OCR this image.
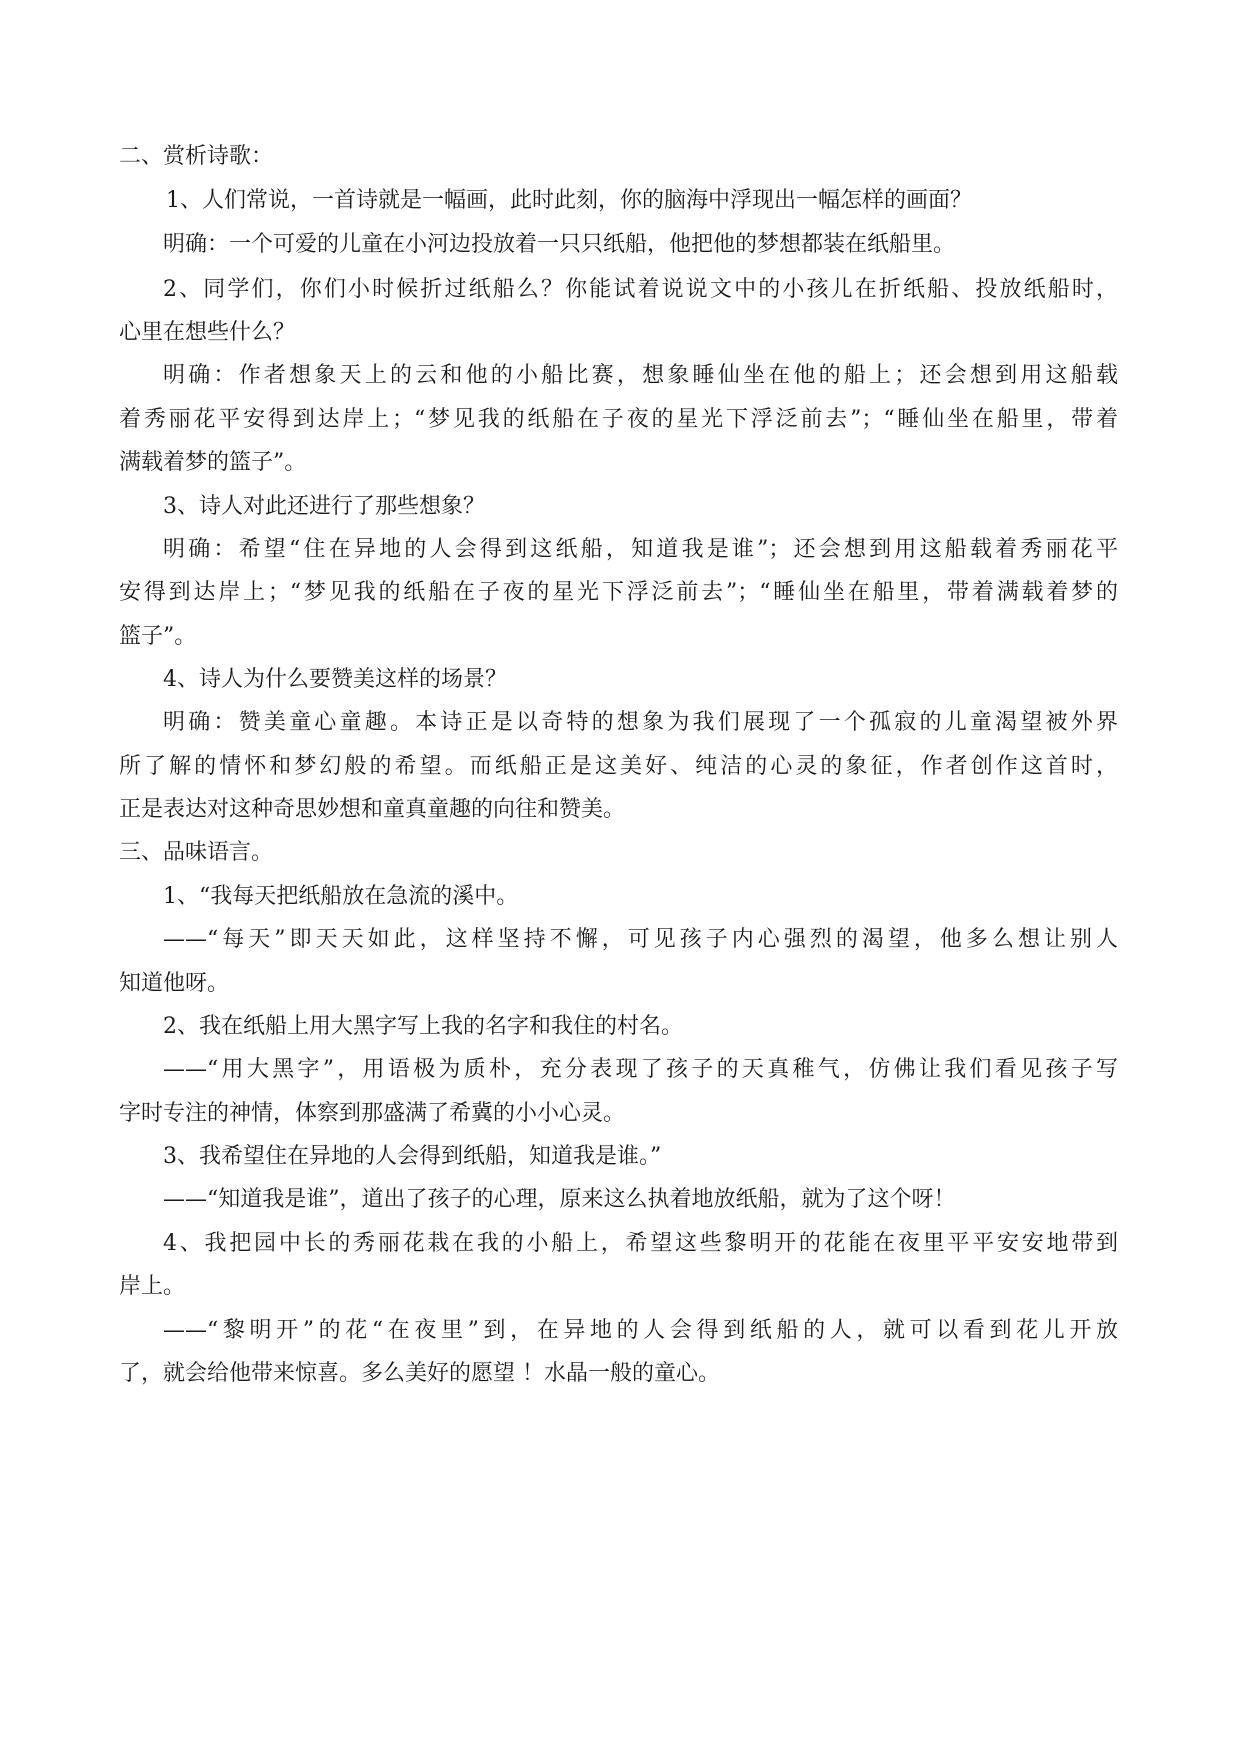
二、赏析诗歌：
1、人们常说，一首诗就是一幅画，此时此刻，你的脑海中浮现出一幅怎样的画面？
明确：一个可爱的儿童在小河边投放着一只只纸船，他把他的梦想都装在纸船里。
2、同学们，你们小时候折过纸船么？你能试着说说文中的小孩儿在折纸船、投放纸船时，
心里在想些什么？
明确：作者想象天上的云和他的小船比赛，想象睡仙坐在他的船上；还会想到用这船载
着秀丽花平安得到达岸上；“梦见我的纸船在子夜的星光下浮泛前去”；“睡仙坐在船里，带着
满载着梦的篮子”。
3、诗人对此还进行了那些想象？
明确：希望“住在异地的人会得到这纸船，知道我是谁”；还会想到用这船载着秀丽花平
安得到达岸上；“梦见我的纸船在子夜的星光下浮泛前去”；“睡仙坐在船里，带着满载着梦的
篮子”。
4、诗人为什么要赞美这样的场景？
明确：赞美童心童趣。本诗正是以奇特的想象为我们展现了一个孤寂的儿童渴望被外界
所了解的情怀和梦幻般的希望。而纸船正是这美好、纯洁的心灵的象征，作者创作这首时，
正是表达对这种奇思妙想和童真童趣的向往和赞美。
三、品味语言。
1、“我每天把纸船放在急流的溪中。
——“每天”即天天如此，这样坚持不懈，可见孩子内心强烈的渴望，他多么想让别人
知道他呀。
2、我在纸船上用大黑字写上我的名字和我住的村名。
——“用大黑字”，用语极为质朴，充分表现了孩子的天真稚气，仿佛让我们看见孩子写
字时专注的神情，体察到那盛满了希冀的小小心灵。
3、我希望住在异地的人会得到纸船，知道我是谁。”
——“知道我是谁”，道出了孩子的心理，原来这么执着地放纸船，就为了这个呀！
4、我把园中长的秀丽花栽在我的小船上，希望这些黎明开的花能在夜里平平安安地带到
岸上。
——“黎明开”的花“在夜里”到，在异地的人会得到纸船的人，就可以看到花儿开放
了，就会给他带来惊喜。多么美好的愿望 ！水晶一般的童心。
